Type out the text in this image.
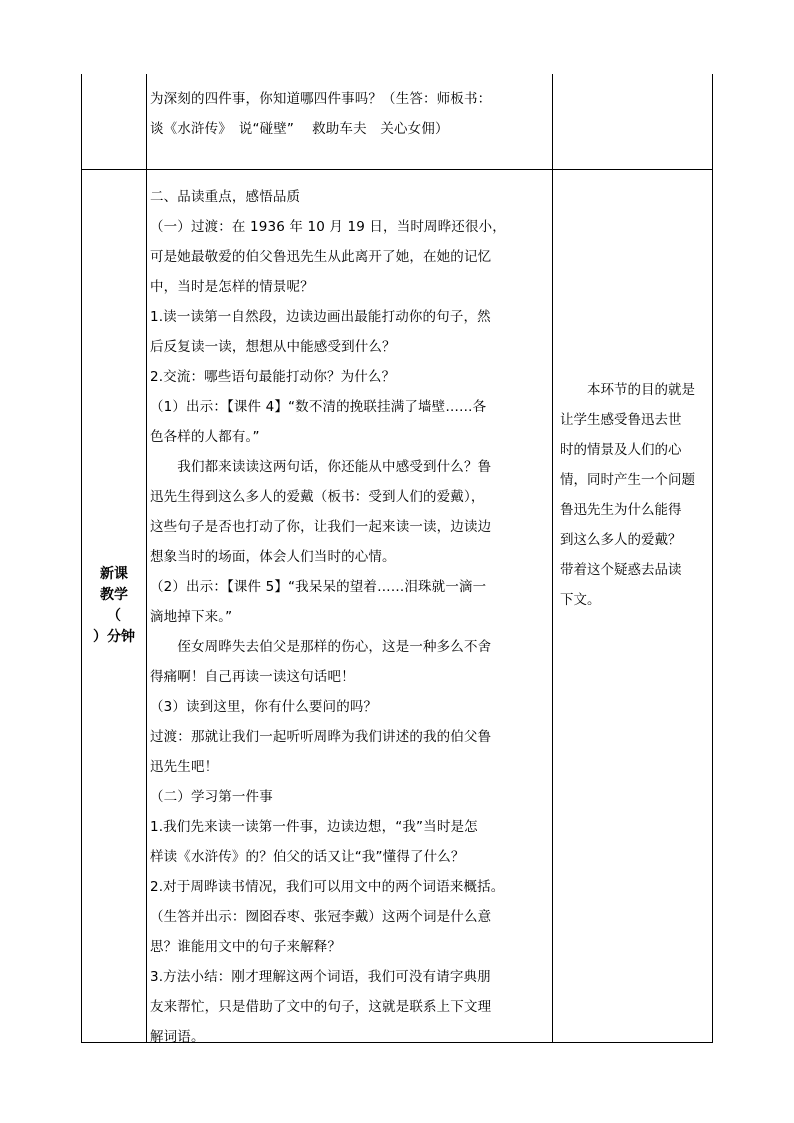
为深刻的四件事，你知道哪四件事吗？（生答：师板书：
谈《水浒传》　说“碰壁”　 救助车夫　关心女佣）
新课
教学
（
）分钟
二、品读重点，感悟品质
（一）过渡：在 1936 年 10 月 19 日，当时周晔还很小，
可是她最敬爱的伯父鲁迅先生从此离开了她，在她的记忆
中，当时是怎样的情景呢？
1.读一读第一自然段，边读边画出最能打动你的句子，然
后反复读一读，想想从中能感受到什么？
2.交流：哪些语句最能打动你？为什么？
（1）出示：【课件 4】“数不清的挽联挂满了墙壁……各
色各样的人都有。”
　　我们都来读读这两句话，你还能从中感受到什么？鲁
迅先生得到这么多人的爱戴（板书：受到人们的爱戴），
这些句子是否也打动了你，让我们一起来读一读，边读边
想象当时的场面，体会人们当时的心情。
（2）出示：【课件 5】“我呆呆的望着……泪珠就一滴一
滴地掉下来。”
　　侄女周晔失去伯父是那样的伤心，这是一种多么不舍
得痛啊！自己再读一读这句话吧！
（3）读到这里，你有什么要问的吗？
过渡：那就让我们一起听听周晔为我们讲述的我的伯父鲁
迅先生吧！
（二）学习第一件事
1.我们先来读一读第一件事，边读边想，“我”当时是怎
样读《水浒传》的？伯父的话又让“我”懂得了什么？
2.对于周晔读书情况，我们可以用文中的两个词语来概括。
（生答并出示：囫囵吞枣、张冠李戴）这两个词是什么意
思？谁能用文中的句子来解释？
3.方法小结：刚才理解这两个词语，我们可没有请字典朋
友来帮忙，只是借助了文中的句子，这就是联系上下文理
解词语。
　　本环节的目的就是
让学生感受鲁迅去世
时的情景及人们的心
情，同时产生一个问题
鲁迅先生为什么能得
到这么多人的爱戴？
带着这个疑惑去品读
下文。
